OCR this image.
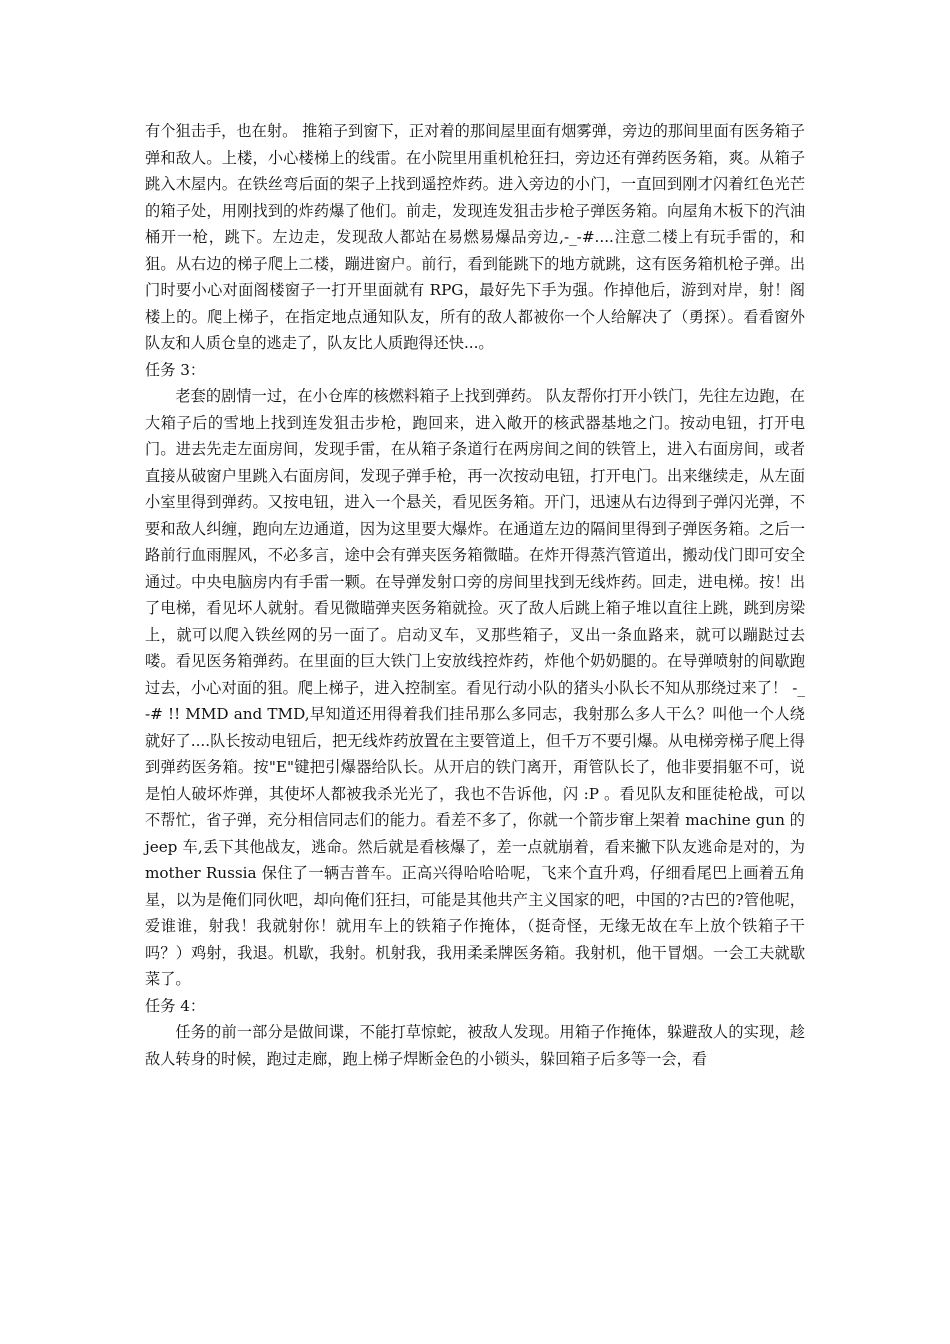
有个狙击手，也在射。 推箱子到窗下，正对着的那间屋里面有烟雾弹，旁边的那间里面有医务箱子弹和敌人。上楼，小心楼梯上的线雷。在小院里用重机枪狂扫，旁边还有弹药医务箱，爽。从箱子跳入木屋内。在铁丝弯后面的架子上找到遥控炸药。进入旁边的小门，一直回到刚才闪着红色光芒的箱子处，用刚找到的炸药爆了他们。前走，发现连发狙击步枪子弹医务箱。向屋角木板下的汽油桶开一枪，跳下。左边走，发现敌人都站在易燃易爆品旁边,-_-#....注意二楼上有玩手雷的，和狙。从右边的梯子爬上二楼，蹦进窗户。前行，看到能跳下的地方就跳，这有医务箱机枪子弹。出门时要小心对面阁楼窗子一打开里面就有 RPG，最好先下手为强。作掉他后，游到对岸，射！阁楼上的。爬上梯子，在指定地点通知队友，所有的敌人都被你一个人给解决了（勇探）。看看窗外队友和人质仓皇的逃走了，队友比人质跑得还快...。

任务 3：

老套的剧情一过，在小仓库的核燃料箱子上找到弹药。 队友帮你打开小铁门，先往左边跑，在大箱子后的雪地上找到连发狙击步枪，跑回来，进入敞开的核武器基地之门。按动电钮，打开电门。进去先走左面房间，发现手雷，在从箱子条道行在两房间之间的铁管上，进入右面房间，或者直接从破窗户里跳入右面房间，发现子弹手枪，再一次按动电钮，打开电门。出来继续走，从左面小室里得到弹药。又按电钮，进入一个悬关，看见医务箱。开门，迅速从右边得到子弹闪光弹，不要和敌人纠缠，跑向左边通道，因为这里要大爆炸。在通道左边的隔间里得到子弹医务箱。之后一路前行血雨腥风，不必多言，途中会有弹夹医务箱微瞄。在炸开得蒸汽管道出，搬动伐门即可安全通过。中央电脑房内有手雷一颗。在导弹发射口旁的房间里找到无线炸药。回走，进电梯。按！出了电梯，看见坏人就射。看见微瞄弹夹医务箱就捡。灭了敌人后跳上箱子堆以直往上跳，跳到房梁上，就可以爬入铁丝网的另一面了。启动叉车，叉那些箱子，叉出一条血路来，就可以蹦跶过去喽。看见医务箱弹药。在里面的巨大铁门上安放线控炸药，炸他个奶奶腿的。在导弹喷射的间歇跑过去，小心对面的狙。爬上梯子，进入控制室。看见行动小队的猪头小队长不知从那绕过来了！ -_-# !! MMD and TMD,早知道还用得着我们挂吊那么多同志，我射那么多人干么？叫他一个人绕就好了....队长按动电钮后，把无线炸药放置在主要管道上，但千万不要引爆。从电梯旁梯子爬上得到弹药医务箱。按"E"键把引爆器给队长。从开启的铁门离开，甭管队长了，他非要捐躯不可，说是怕人破坏炸弹，其使坏人都被我杀光光了，我也不告诉他，闪 :P 。看见队友和匪徒枪战，可以不帮忙，省子弹，充分相信同志们的能力。看差不多了，你就一个箭步窜上架着 machine gun 的 jeep 车,丢下其他战友，逃命。然后就是看核爆了，差一点就崩着，看来撇下队友逃命是对的，为 mother Russia 保住了一辆吉普车。正高兴得哈哈哈呢，飞来个直升鸡，仔细看尾巴上画着五角星，以为是俺们同伙吧，却向俺们狂扫，可能是其他共产主义国家的吧，中国的?古巴的?管他呢，爱谁谁，射我！我就射你！就用车上的铁箱子作掩体，（挺奇怪，无缘无故在车上放个铁箱子干吗？）鸡射，我退。机歇，我射。机射我，我用柔柔牌医务箱。我射机，他干冒烟。一会工夫就歇菜了。

任务 4：

任务的前一部分是做间谍，不能打草惊蛇，被敌人发现。用箱子作掩体，躲避敌人的实现，趁敌人转身的时候，跑过走廊，跑上梯子焊断金色的小锁头，躲回箱子后多等一会，看
